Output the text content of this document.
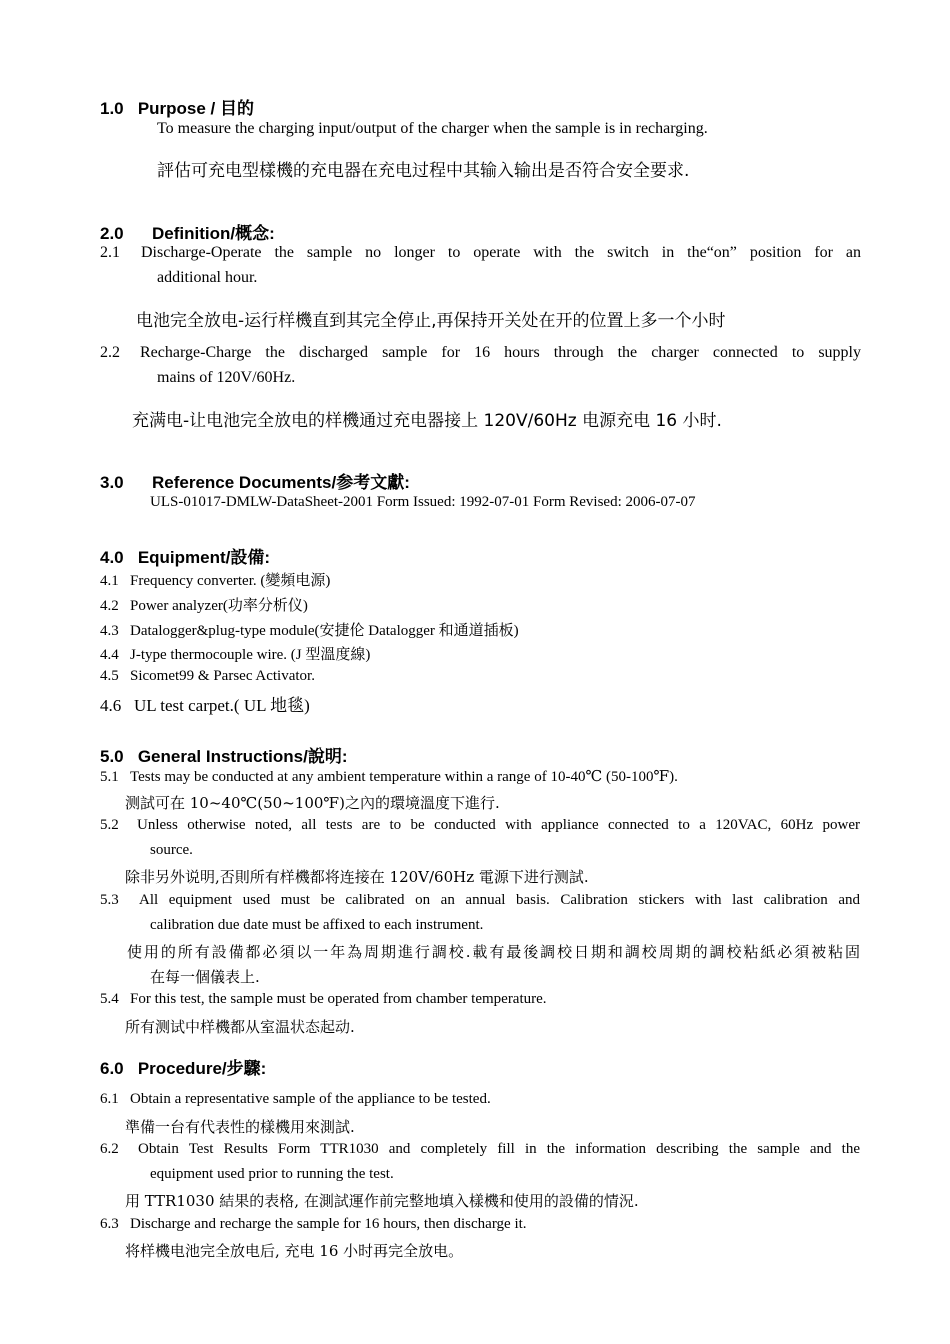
1.0 Purpose / 目的
To measure the charging input/output of the charger when the sample is in recharging.
評估可充电型樣機的充电器在充电过程中其输入输出是否符合安全要求.
2.0 Definition/概念:
2.1 Discharge-Operate the sample no longer to operate with the switch in the“on” position for an
additional hour.
电池完全放电-运行样機直到其完全停止,再保持开关处在开的位置上多一个小时
2.2 Recharge-Charge the discharged sample for 16 hours through the charger connected to supply
mains of 120V/60Hz.
充满电-让电池完全放电的样機通过充电器接上 120V/60Hz 电源充电 16 小时.
3.0 Reference Documents/参考文獻:
ULS-01017-DMLW-DataSheet-2001 Form Issued: 1992-07-01 Form Revised: 2006-07-07
4.0 Equipment/設備:
4.1 Frequency converter. (變頻电源)
4.2 Power analyzer(功率分析仪)
4.3 Datalogger&plug-type module(安捷伦 Datalogger 和通道插板)
4.4 J-type thermocouple wire. (J 型溫度線)
4.5 Sicomet99 & Parsec Activator.
4.6 UL test carpet.( UL 地毯)
5.0 General Instructions/說明:
5.1 Tests may be conducted at any ambient temperature within a range of 10-40℃ (50-100℉).
测試可在 10~40℃(50~100℉)之內的環境溫度下進行.
5.2 Unless otherwise noted, all tests are to be conducted with appliance connected to a 120VAC, 60Hz power
source.
除非另外说明,否則所有样機都将连接在 120V/60Hz 電源下进行测試.
5.3 All equipment used must be calibrated on an annual basis. Calibration stickers with last calibration and
calibration due date must be affixed to each instrument.
使用的所有設備都必須以一年為周期進行調校.載有最後調校日期和調校周期的調校粘紙必須被粘固
在每一個儀表上.
5.4 For this test, the sample must be operated from chamber temperature.
所有测试中样機都从室温状态起动.
6.0 Procedure/步驟:
6.1 Obtain a representative sample of the appliance to be tested.
準備一台有代表性的樣機用來測試.
6.2 Obtain Test Results Form TTR1030 and completely fill in the information describing the sample and the
equipment used prior to running the test.
用 TTR1030 結果的表格, 在測試運作前完整地填入樣機和使用的設備的情況.
6.3 Discharge and recharge the sample for 16 hours, then discharge it.
将样機电池完全放电后, 充电 16 小时再完全放电。
